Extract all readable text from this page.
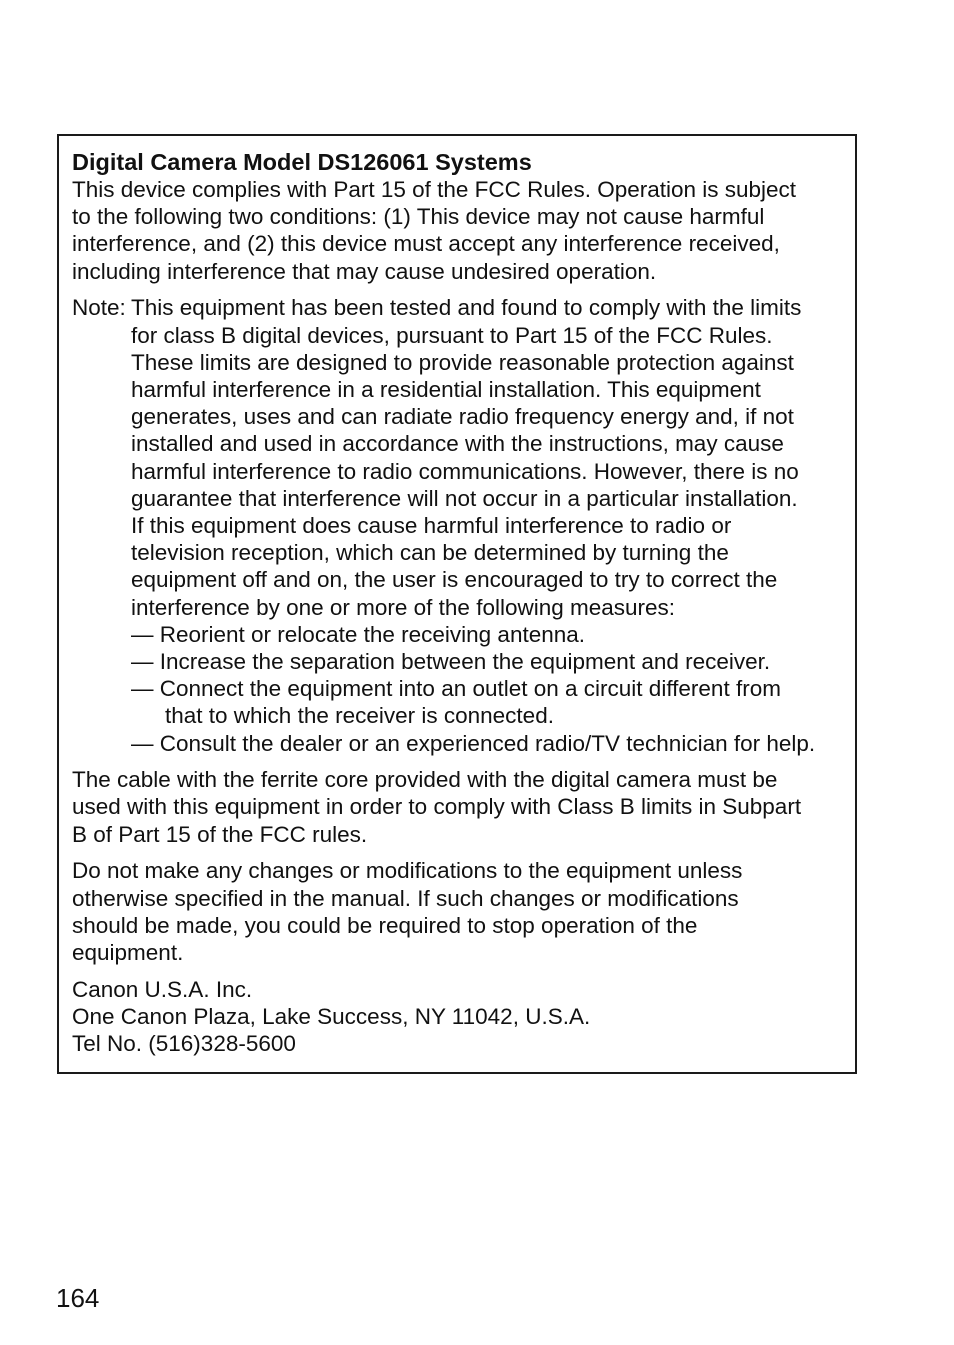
Digital Camera Model DS126061 Systems
This device complies with Part 15 of the FCC Rules. Operation is subject
to the following two conditions: (1) This device may not cause harmful
interference, and (2) this device must accept any interference received,
including interference that may cause undesired operation.
Note: This equipment has been tested and found to comply with the limits
for class B digital devices, pursuant to Part 15 of the FCC Rules.
These limits are designed to provide reasonable protection against
harmful interference in a residential installation. This equipment
generates, uses and can radiate radio frequency energy and, if not
installed and used in accordance with the instructions, may cause
harmful interference to radio communications. However, there is no
guarantee that interference will not occur in a particular installation.
If this equipment does cause harmful interference to radio or
television reception, which can be determined by turning the
equipment off and on, the user is encouraged to try to correct the
interference by one or more of the following measures:
— Reorient or relocate the receiving antenna.
— Increase the separation between the equipment and receiver.
— Connect the equipment into an outlet on a circuit different from
that to which the receiver is connected.
— Consult the dealer or an experienced radio/TV technician for help.
The cable with the ferrite core provided with the digital camera must be
used with this equipment in order to comply with Class B limits in Subpart
B of Part 15 of the FCC rules.
Do not make any changes or modifications to the equipment unless
otherwise specified in the manual. If such changes or modifications
should be made, you could be required to stop operation of the
equipment.
Canon U.S.A. Inc.
One Canon Plaza, Lake Success, NY 11042, U.S.A.
Tel No. (516)328-5600
164
